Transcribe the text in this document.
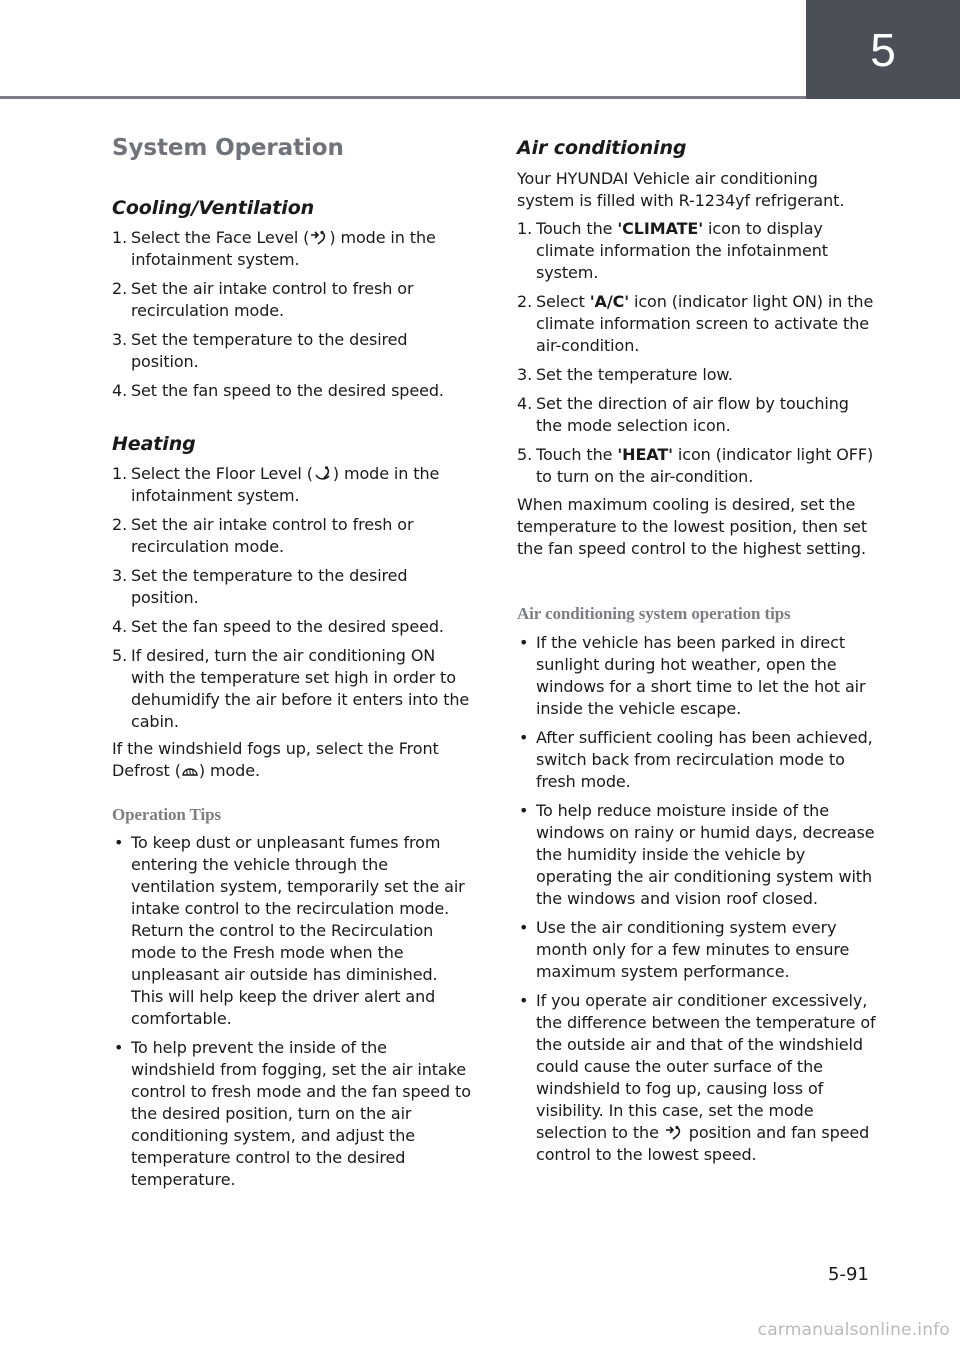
5
System Operation
Cooling/Ventilation
1. Select the Face Level ( ) mode in the infotainment system.
2. Set the air intake control to fresh or recirculation mode.
3. Set the temperature to the desired position.
4. Set the fan speed to the desired speed.
Heating
1. Select the Floor Level ( ) mode in the infotainment system.
2. Set the air intake control to fresh or recirculation mode.
3. Set the temperature to the desired position.
4. Set the fan speed to the desired speed.
5. If desired, turn the air conditioning ON with the temperature set high in order to dehumidify the air before it enters into the cabin.

If the windshield fogs up, select the Front Defrost ( ) mode.

Operation Tips
• To keep dust or unpleasant fumes from entering the vehicle through the ventilation system, temporarily set the air intake control to the recirculation mode. Return the control to the Recirculation mode to the Fresh mode when the unpleasant air outside has diminished. This will help keep the driver alert and comfortable.
• To help prevent the inside of the windshield from fogging, set the air intake control to fresh mode and the fan speed to the desired position, turn on the air conditioning system, and adjust the temperature control to the desired temperature.
Air conditioning

Your HYUNDAI Vehicle air conditioning system is filled with R-1234yf refrigerant.

1. Touch the 'CLIMATE' icon to display climate information the infotainment system.
2. Select 'A/C' icon (indicator light ON) in the climate information screen to activate the air-condition.
3. Set the temperature low.
4. Set the direction of air flow by touching the mode selection icon.
5. Touch the 'HEAT' icon (indicator light OFF) to turn on the air-condition.

When maximum cooling is desired, set the temperature to the lowest position, then set the fan speed control to the highest setting.

Air conditioning system operation tips
• If the vehicle has been parked in direct sunlight during hot weather, open the windows for a short time to let the hot air inside the vehicle escape.
• After sufficient cooling has been achieved, switch back from recirculation mode to fresh mode.
• To help reduce moisture inside of the windows on rainy or humid days, decrease the humidity inside the vehicle by operating the air conditioning system with the windows and vision roof closed.
• Use the air conditioning system every month only for a few minutes to ensure maximum system performance.
• If you operate air conditioner excessively, the difference between the temperature of the outside air and that of the windshield could cause the outer surface of the windshield to fog up, causing loss of visibility. In this case, set the mode selection to the  position and fan speed control to the lowest speed.
5-91
carmanualsonline.info
